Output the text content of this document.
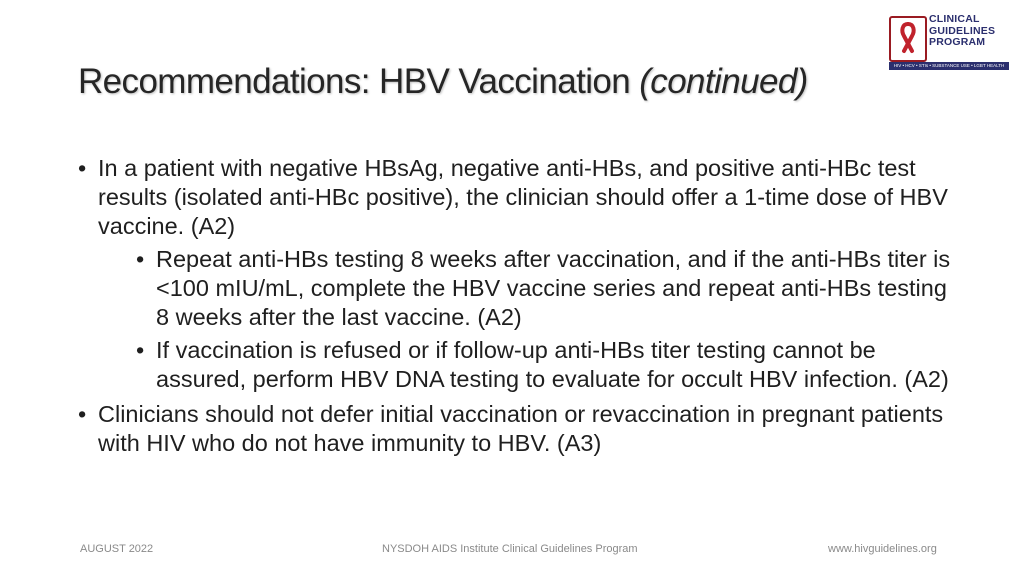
Recommendations: HBV Vaccination (continued)
CLINICAL
GUIDELINES
PROGRAM
HIV • HCV • STIs • SUBSTANCE USE • LGBT HEALTH
• In a patient with negative HBsAg, negative anti-HBs, and positive anti-HBc test results (isolated anti-HBc positive), the clinician should offer a 1-time dose of HBV vaccine. (A2)
• Repeat anti-HBs testing 8 weeks after vaccination, and if the anti-HBs titer is <100 mIU/mL, complete the HBV vaccine series and repeat anti-HBs testing 8 weeks after the last vaccine. (A2)
• If vaccination is refused or if follow-up anti-HBs titer testing cannot be assured, perform HBV DNA testing to evaluate for occult HBV infection. (A2)
• Clinicians should not defer initial vaccination or revaccination in pregnant patients with HIV who do not have immunity to HBV. (A3)
AUGUST 2022	NYSDOH AIDS Institute Clinical Guidelines Program	www.hivguidelines.org
